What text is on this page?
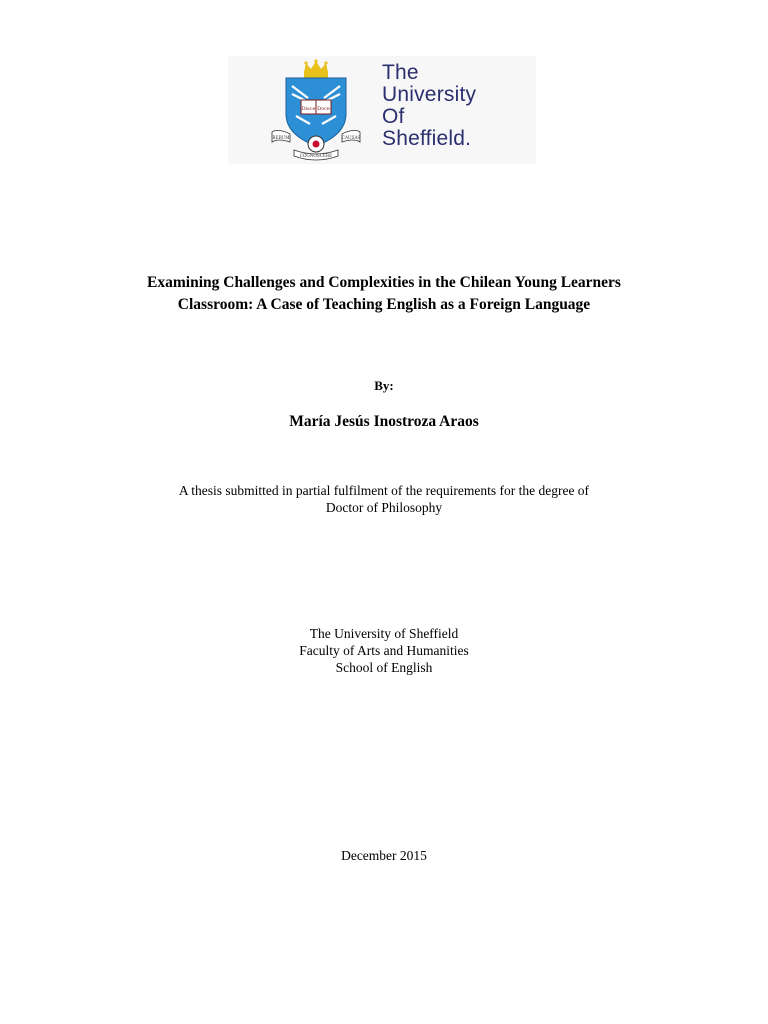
Disce Doce
RERUM
COGNOSCERE
CAUSAS
The
University
Of
Sheffield.
Examining Challenges and Complexities in the Chilean Young Learners
Classroom: A Case of Teaching English as a Foreign Language
By:
María Jesús Inostroza Araos
A thesis submitted in partial fulfilment of the requirements for the degree of
Doctor of Philosophy
The University of Sheffield
Faculty of Arts and Humanities
School of English
December 2015
